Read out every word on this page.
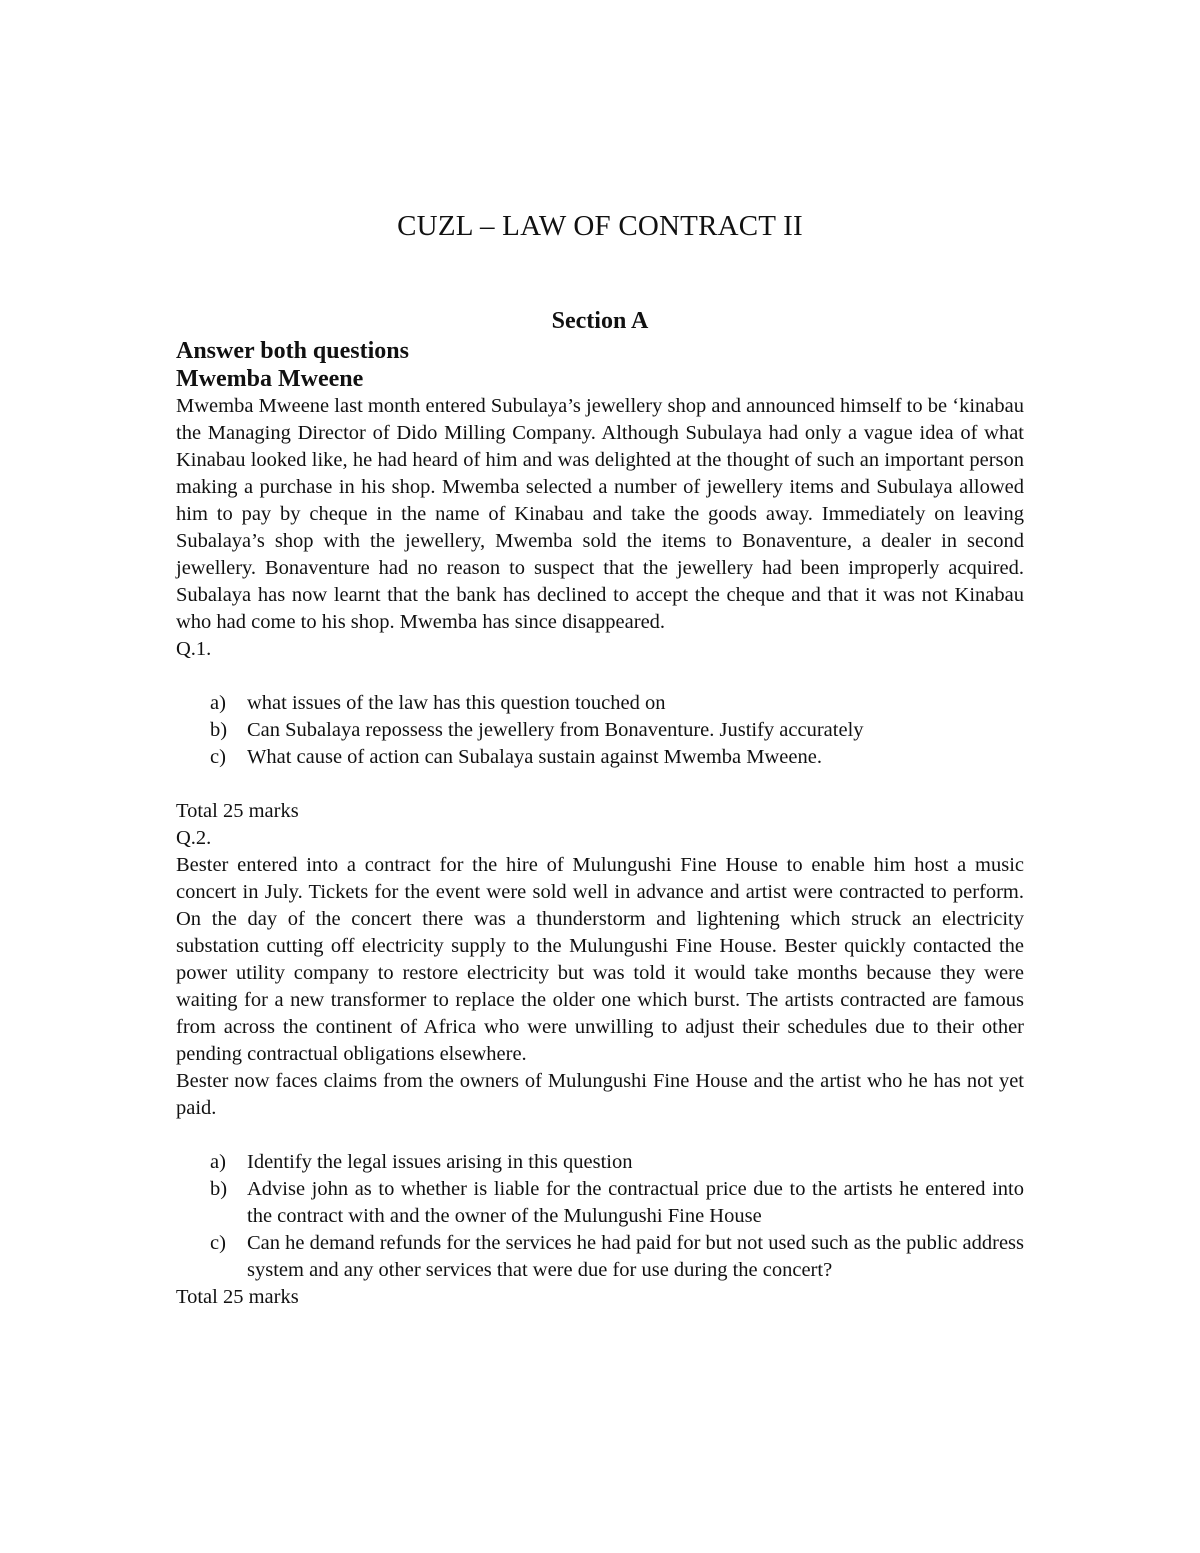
CUZL – LAW OF CONTRACT II
Section A
Answer both questions
Mwemba Mweene

Mwemba Mweene last month entered Subulaya’s jewellery shop and announced himself to be ‘kinabau the Managing Director of Dido Milling Company. Although Subulaya had only a vague idea of what Kinabau looked like, he had heard of him and was delighted at the thought of such an important person making a purchase in his shop. Mwemba selected a number of jewellery items and Subulaya allowed him to pay by cheque in the name of Kinabau and take the goods away. Immediately on leaving Subalaya’s shop with the jewellery, Mwemba sold the items to Bonaventure, a dealer in second jewellery. Bonaventure had no reason to suspect that the jewellery had been improperly acquired. Subalaya has now learnt that the bank has declined to accept the cheque and that it was not Kinabau who had come to his shop. Mwemba has since disappeared.

Q.1.
a) what issues of the law has this question touched on
b) Can Subalaya repossess the jewellery from Bonaventure. Justify accurately
c) What cause of action can Subalaya sustain against Mwemba Mweene.
Total 25 marks
Q.2.

Bester entered into a contract for the hire of Mulungushi Fine House to enable him host a music concert in July. Tickets for the event were sold well in advance and artist were contracted to perform. On the day of the concert there was a thunderstorm and lightening which struck an electricity substation cutting off electricity supply to the Mulungushi Fine House. Bester quickly contacted the power utility company to restore electricity but was told it would take months because they were waiting for a new transformer to replace the older one which burst. The artists contracted are famous from across the continent of Africa who were unwilling to adjust their schedules due to their other pending contractual obligations elsewhere.

Bester now faces claims from the owners of Mulungushi Fine House and the artist who he has not yet paid.

a) Identify the legal issues arising in this question
b) Advise john as to whether is liable for the contractual price due to the artists he entered into the contract with and the owner of the Mulungushi Fine House
c) Can he demand refunds for the services he had paid for but not used such as the public address system and any other services that were due for use during the concert?
Total 25 marks
